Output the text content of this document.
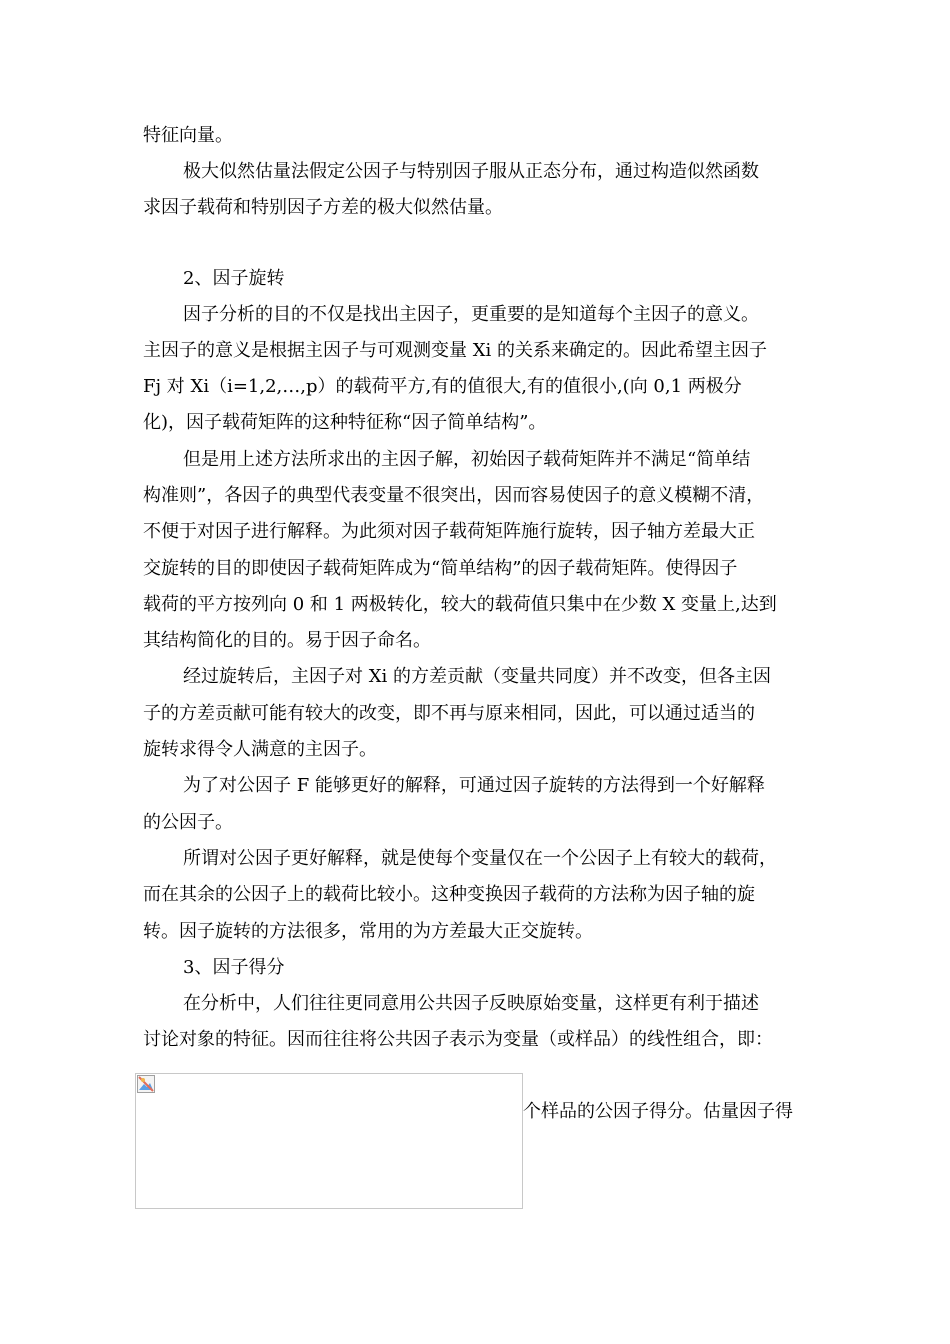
特征向量。
极大似然估量法假定公因子与特别因子服从正态分布，通过构造似然函数
求因子载荷和特别因子方差的极大似然估量。
2、因子旋转
因子分析的目的不仅是找出主因子，更重要的是知道每个主因子的意义。
主因子的意义是根据主因子与可观测变量 Xi 的关系来确定的。因此希望主因子
Fj 对 Xi（i=1,2,…,p）的载荷平方,有的值很大,有的值很小,(向 0,1 两极分
化)，因子载荷矩阵的这种特征称“因子简单结构”。
但是用上述方法所求出的主因子解，初始因子载荷矩阵并不满足“简单结
构准则”，各因子的典型代表变量不很突出，因而容易使因子的意义模糊不清，
不便于对因子进行解释。为此须对因子载荷矩阵施行旋转，因子轴方差最大正
交旋转的目的即使因子载荷矩阵成为“简单结构”的因子载荷矩阵。使得因子
载荷的平方按列向 0 和 1 两极转化，较大的载荷值只集中在少数 X 变量上,达到
其结构简化的目的。易于因子命名。
经过旋转后，主因子对 Xi 的方差贡献（变量共同度）并不改变，但各主因
子的方差贡献可能有较大的改变，即不再与原来相同，因此，可以通过适当的
旋转求得令人满意的主因子。
为了对公因子 F 能够更好的解释，可通过因子旋转的方法得到一个好解释
的公因子。
所谓对公因子更好解释，就是使每个变量仅在一个公因子上有较大的载荷，
而在其余的公因子上的载荷比较小。这种变换因子载荷的方法称为因子轴的旋
转。因子旋转的方法很多，常用的为方差最大正交旋转。
3、因子得分
在分析中，人们往往更同意用公共因子反映原始变量，这样更有利于描述
讨论对象的特征。因而往往将公共因子表示为变量（或样品）的线性组合，即：
个样品的公因子得分。估量因子得
